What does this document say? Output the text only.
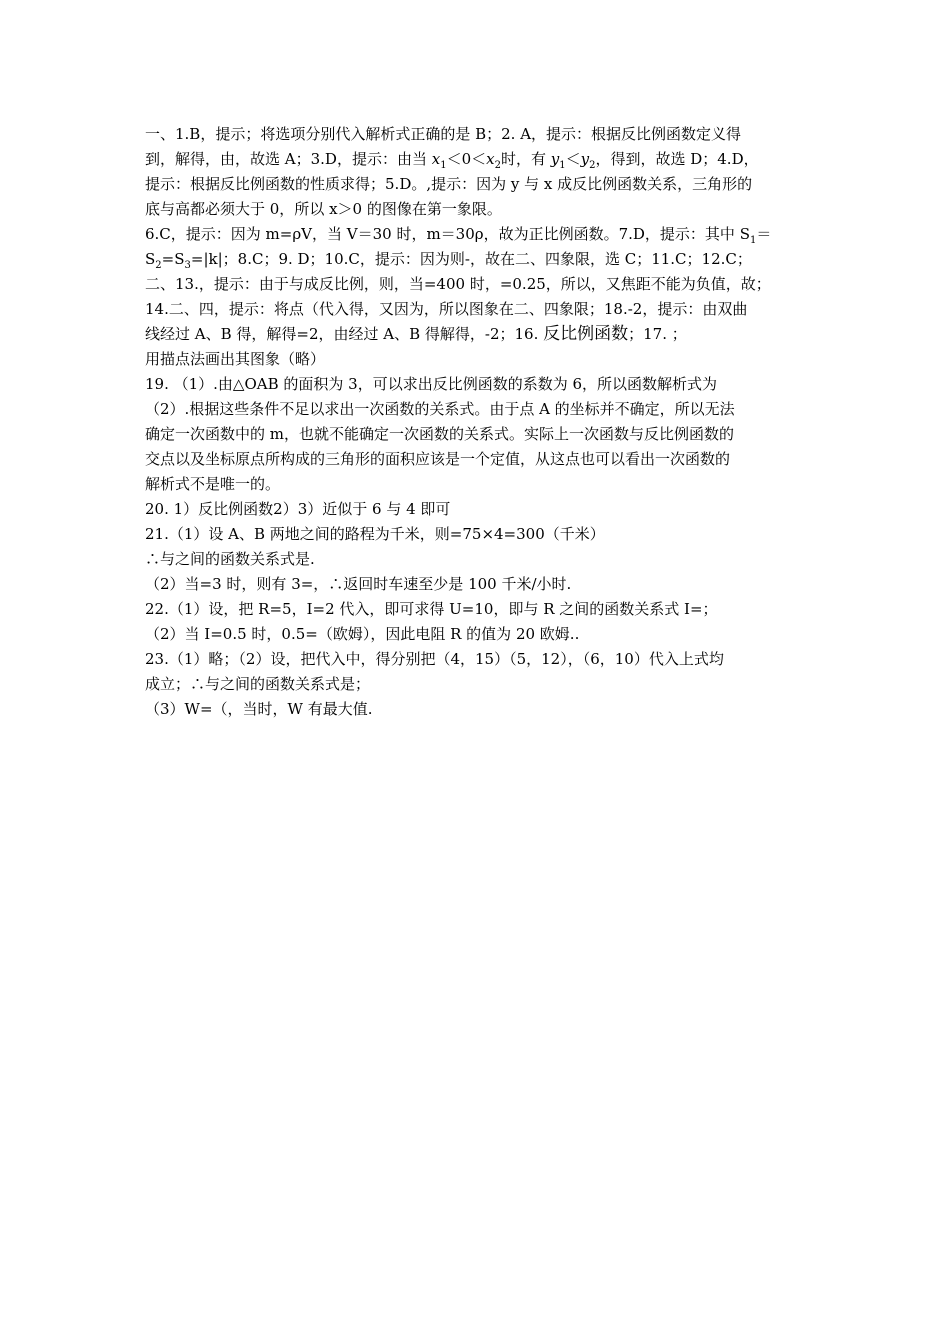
一、1.B，提示；将选项分别代入解析式正确的是 B；2. A，提示：根据反比例函数定义得
到，解得，由，故选 A；3.D，提示：由当 $x_1<0<x_2$时，有 $y_1<y_2$，得到，故选 D；4.D，
提示：根据反比例函数的性质求得；5.D。,提示：因为 y 与 x 成反比例函数关系，三角形的
底与高都必须大于 0，所以 x＞0 的图像在第一象限。
6.C，提示：因为 m=ρV，当 V＝30 时，m＝30ρ，故为正比例函数。7.D，提示：其中 $S_1=$
$S_2=S_3=|k|$；8.C；9. D；10.C，提示：因为则-，故在二、四象限，选 C；11.C；12.C；
二、13.，提示：由于与成反比例，则，当=400 时，=0.25，所以，又焦距不能为负值，故；
14.二、四，提示：将点（代入得，又因为，所以图象在二、四象限；18.-2，提示：由双曲
线经过 A、B 得，解得=2，由经过 A、B 得解得，-2；16. 反比例函数；17. ；
用描点法画出其图象（略）
19. （1）.由△OAB 的面积为 3，可以求出反比例函数的系数为 6，所以函数解析式为
（2）.根据这些条件不足以求出一次函数的关系式。由于点 A 的坐标并不确定，所以无法
确定一次函数中的 m，也就不能确定一次函数的关系式。实际上一次函数与反比例函数的
交点以及坐标原点所构成的三角形的面积应该是一个定值，从这点也可以看出一次函数的
解析式不是唯一的。
20. 1）反比例函数2）3）近似于 6 与 4 即可
21.（1）设 A、B 两地之间的路程为千米，则=75×4=300（千米）
∴与之间的函数关系式是.
（2）当=3 时，则有 3=，∴返回时车速至少是 100 千米/小时.
22.（1）设，把 R=5，I=2 代入，即可求得 U=10，即与 R 之间的函数关系式 I=；
（2）当 I=0.5 时，0.5=（欧姆），因此电阻 R 的值为 20 欧姆..
23.（1）略；（2）设，把代入中，得分别把（4，15）（5，12），（6，10）代入上式均
成立；∴与之间的函数关系式是；
（3）W=（，当时，W 有最大值.
